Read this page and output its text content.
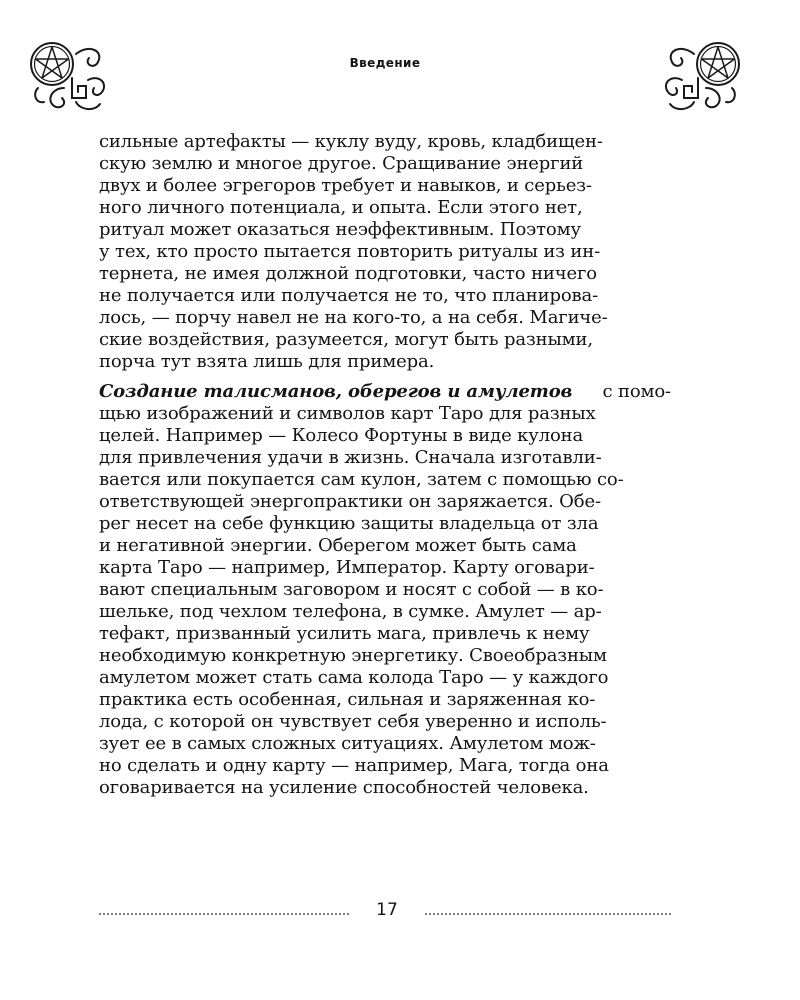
Введение
сильные артефакты — куклу вуду, кровь, кладбищен-
скую землю и многое другое. Сращивание энергий
двух и более эгрегоров требует и навыков, и серьез-
ного личного потенциала, и опыта. Если этого нет,
ритуал может оказаться неэффективным. Поэтому
у тех, кто просто пытается повторить ритуалы из ин-
тернета, не имея должной подготовки, часто ничего
не получается или получается не то, что планирова-
лось, — порчу навел не на кого-то, а на себя. Магиче-
ские воздействия, разумеется, могут быть разными,
порча тут взята лишь для примера.
Создание талисманов, оберегов и амулетов с помо-
щью изображений и символов карт Таро для разных
целей. Например — Колесо Фортуны в виде кулона
для привлечения удачи в жизнь. Сначала изготавли-
вается или покупается сам кулон, затем с помощью со-
ответствующей энергопрактики он заряжается. Обе-
рег несет на себе функцию защиты владельца от зла
и негативной энергии. Оберегом может быть сама
карта Таро — например, Император. Карту оговари-
вают специальным заговором и носят с собой — в ко-
шельке, под чехлом телефона, в сумке. Амулет — ар-
тефакт, призванный усилить мага, привлечь к нему
необходимую конкретную энергетику. Своеобразным
амулетом может стать сама колода Таро — у каждого
практика есть особенная, сильная и заряженная ко-
лода, с которой он чувствует себя уверенно и исполь-
зует ее в самых сложных ситуациях. Амулетом мож-
но сделать и одну карту — например, Мага, тогда она
оговаривается на усиление способностей человека.
17
